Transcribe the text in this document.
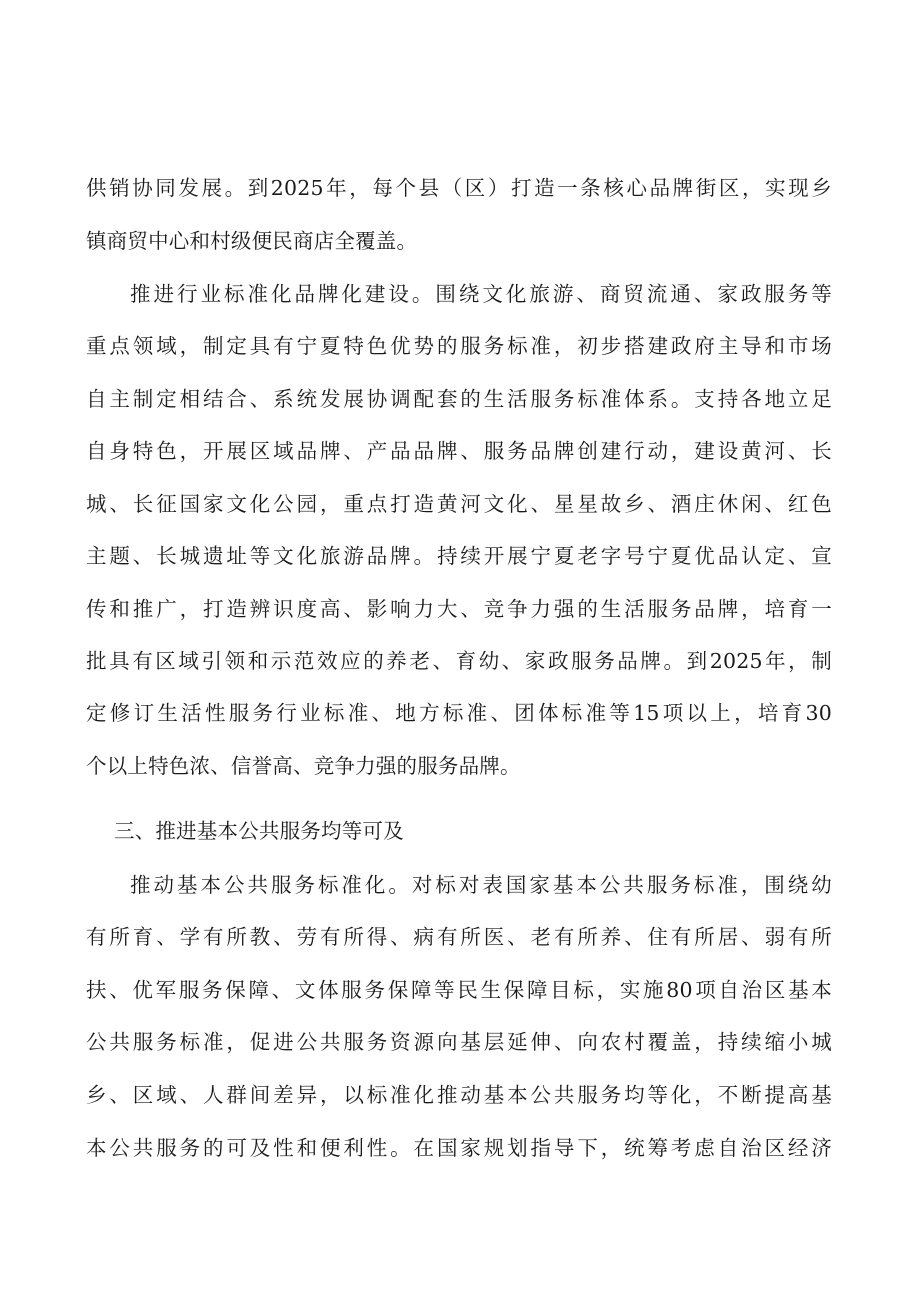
供销协同发展。到2025年，每个县（区）打造一条核心品牌街区，实现乡
镇商贸中心和村级便民商店全覆盖。
推进行业标准化品牌化建设。围绕文化旅游、商贸流通、家政服务等
重点领域，制定具有宁夏特色优势的服务标准，初步搭建政府主导和市场
自主制定相结合、系统发展协调配套的生活服务标准体系。支持各地立足
自身特色，开展区域品牌、产品品牌、服务品牌创建行动，建设黄河、长
城、长征国家文化公园，重点打造黄河文化、星星故乡、酒庄休闲、红色
主题、长城遗址等文化旅游品牌。持续开展宁夏老字号宁夏优品认定、宣
传和推广，打造辨识度高、影响力大、竞争力强的生活服务品牌，培育一
批具有区域引领和示范效应的养老、育幼、家政服务品牌。到2025年，制
定修订生活性服务行业标准、地方标准、团体标准等15项以上，培育30
个以上特色浓、信誉高、竞争力强的服务品牌。
三、推进基本公共服务均等可及
推动基本公共服务标准化。对标对表国家基本公共服务标准，围绕幼
有所育、学有所教、劳有所得、病有所医、老有所养、住有所居、弱有所
扶、优军服务保障、文体服务保障等民生保障目标，实施80项自治区基本
公共服务标准，促进公共服务资源向基层延伸、向农村覆盖，持续缩小城
乡、区域、人群间差异，以标准化推动基本公共服务均等化，不断提高基
本公共服务的可及性和便利性。在国家规划指导下，统筹考虑自治区经济
